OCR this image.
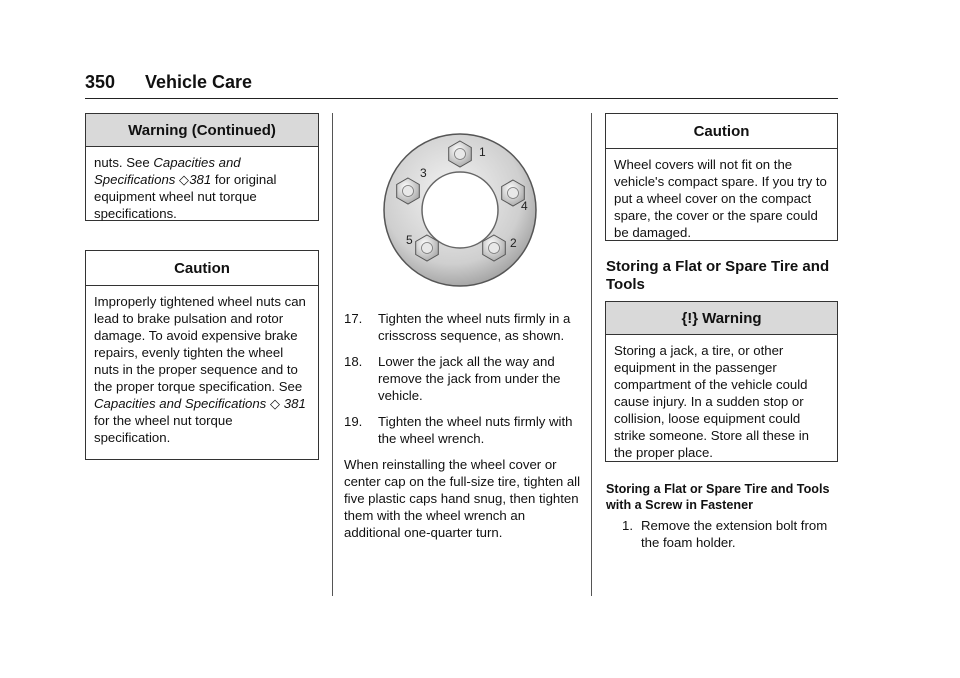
350 Vehicle Care
Warning (Continued)
nuts. See Capacities and Specifications ◇381 for original equipment wheel nut torque specifications.
Caution
Improperly tightened wheel nuts can lead to brake pulsation and rotor damage. To avoid expensive brake repairs, evenly tighten the wheel nuts in the proper sequence and to the proper torque specification. See Capacities and Specifications ◇ 381 for the wheel nut torque specification.
1
2
3
4
5
17.	Tighten the wheel nuts firmly in a crisscross sequence, as shown.
18.	Lower the jack all the way and remove the jack from under the vehicle.
19.	Tighten the wheel nuts firmly with the wheel wrench.
When reinstalling the wheel cover or center cap on the full-size tire, tighten all five plastic caps hand snug, then tighten them with the wheel wrench an additional one-quarter turn.
Caution
Wheel covers will not fit on the vehicle's compact spare. If you try to put a wheel cover on the compact spare, the cover or the spare could be damaged.
Storing a Flat or Spare Tire and Tools
{!} Warning
Storing a jack, a tire, or other equipment in the passenger compartment of the vehicle could cause injury. In a sudden stop or collision, loose equipment could strike someone. Store all these in the proper place.
Storing a Flat or Spare Tire and Tools with a Screw in Fastener
1. Remove the extension bolt from the foam holder.
